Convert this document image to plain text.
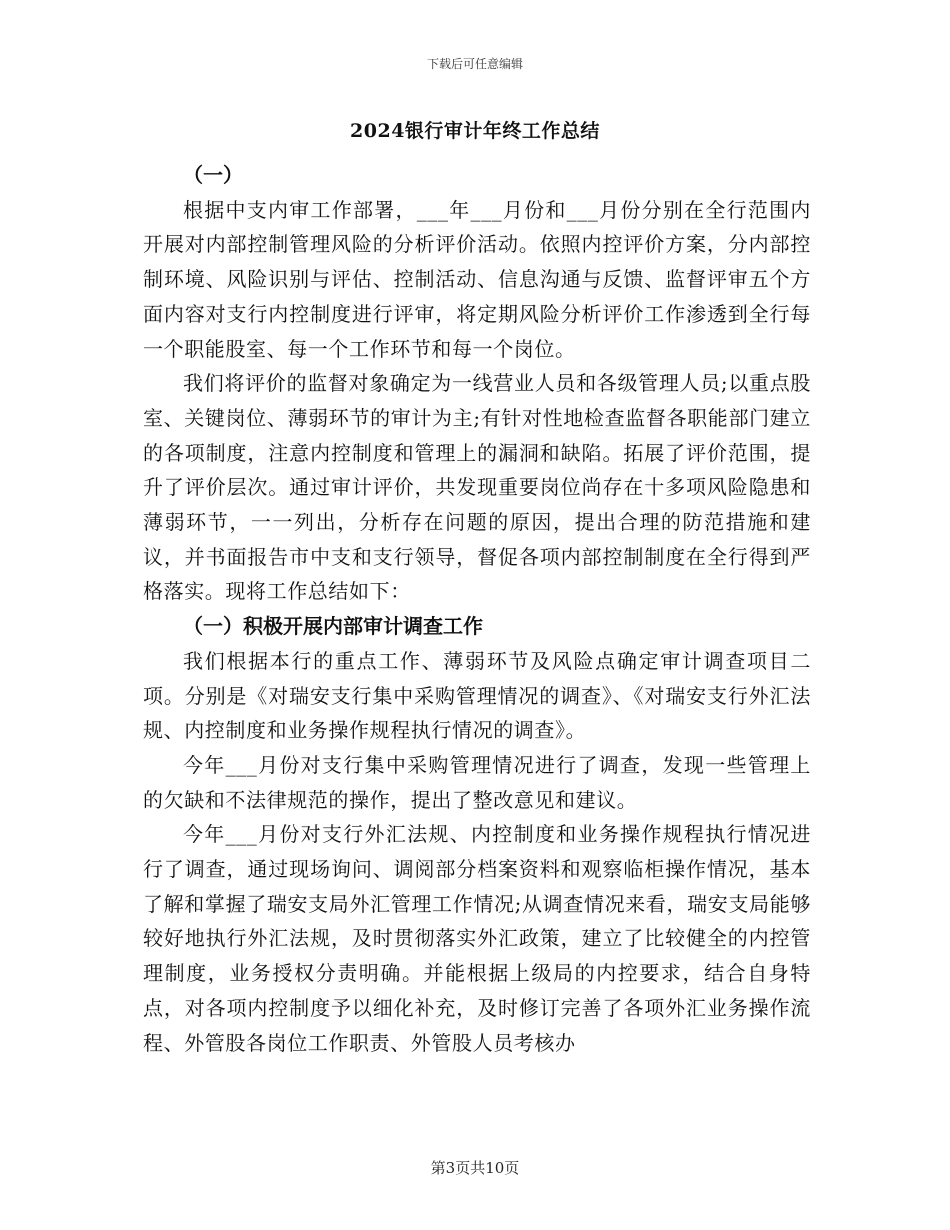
下载后可任意编辑
2024银行审计年终工作总结

（一）

根据中支内审工作部署，___年___月份和___月份分别在全行范围内开展对内部控制管理风险的分析评价活动。依照内控评价方案，分内部控制环境、风险识别与评估、控制活动、信息沟通与反馈、监督评审五个方面内容对支行内控制度进行评审，将定期风险分析评价工作渗透到全行每一个职能股室、每一个工作环节和每一个岗位。

我们将评价的监督对象确定为一线营业人员和各级管理人员;以重点股室、关键岗位、薄弱环节的审计为主;有针对性地检查监督各职能部门建立的各项制度，注意内控制度和管理上的漏洞和缺陷。拓展了评价范围，提升了评价层次。通过审计评价，共发现重要岗位尚存在十多项风险隐患和薄弱环节，一一列出，分析存在问题的原因，提出合理的防范措施和建议，并书面报告市中支和支行领导，督促各项内部控制制度在全行得到严格落实。现将工作总结如下：

（一）积极开展内部审计调查工作

我们根据本行的重点工作、薄弱环节及风险点确定审计调查项目二项。分别是《对瑞安支行集中采购管理情况的调查》、《对瑞安支行外汇法规、内控制度和业务操作规程执行情况的调查》。

今年___月份对支行集中采购管理情况进行了调查，发现一些管理上的欠缺和不法律规范的操作，提出了整改意见和建议。

今年___月份对支行外汇法规、内控制度和业务操作规程执行情况进行了调查，通过现场询问、调阅部分档案资料和观察临柜操作情况，基本了解和掌握了瑞安支局外汇管理工作情况;从调查情况来看，瑞安支局能够较好地执行外汇法规，及时贯彻落实外汇政策，建立了比较健全的内控管理制度，业务授权分责明确。并能根据上级局的内控要求，结合自身特点，对各项内控制度予以细化补充，及时修订完善了各项外汇业务操作流程、外管股各岗位工作职责、外管股人员考核办

第3页共10页
